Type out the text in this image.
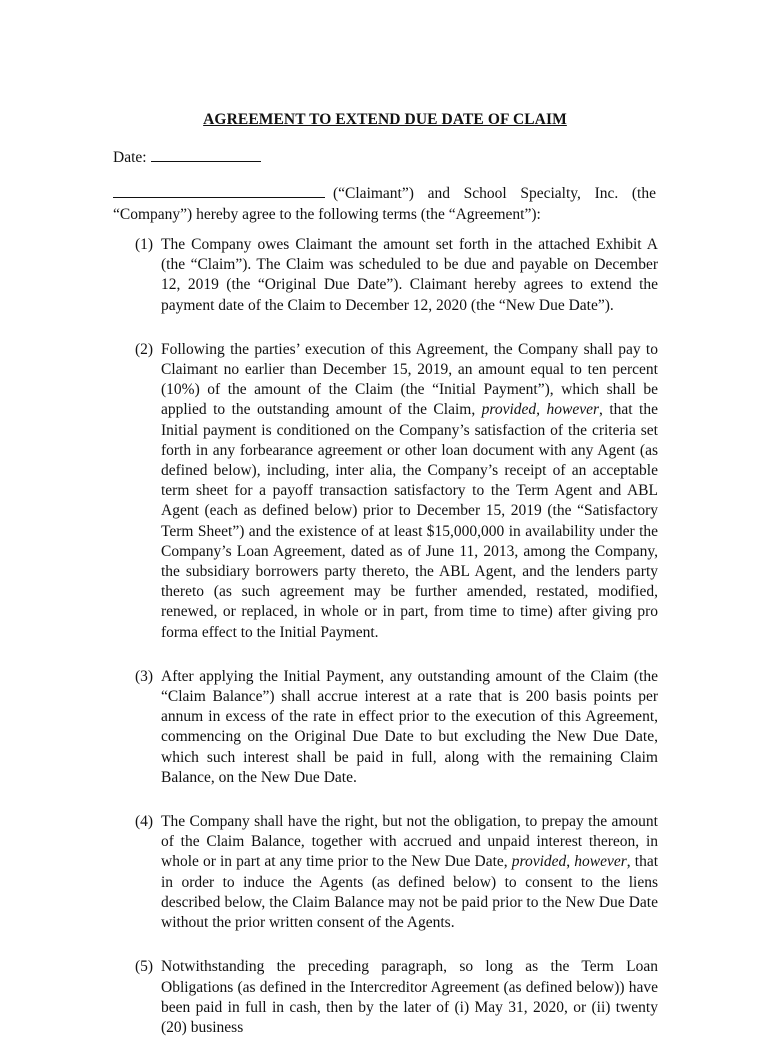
AGREEMENT TO EXTEND DUE DATE OF CLAIM
Date:

(“Claimant”) and School Specialty, Inc. (the “Company”) hereby agree to the following terms (the “Agreement”):

(1) The Company owes Claimant the amount set forth in the attached Exhibit A (the “Claim”). The Claim was scheduled to be due and payable on December 12, 2019 (the “Original Due Date”). Claimant hereby agrees to extend the payment date of the Claim to December 12, 2020 (the “New Due Date”).
(2) Following the parties’ execution of this Agreement, the Company shall pay to Claimant no earlier than December 15, 2019, an amount equal to ten percent (10%) of the amount of the Claim (the “Initial Payment”), which shall be applied to the outstanding amount of the Claim, provided, however, that the Initial payment is conditioned on the Company’s satisfaction of the criteria set forth in any forbearance agreement or other loan document with any Agent (as defined below), including, inter alia, the Company’s receipt of an acceptable term sheet for a payoff transaction satisfactory to the Term Agent and ABL Agent (each as defined below) prior to December 15, 2019 (the “Satisfactory Term Sheet”) and the existence of at least $15,000,000 in availability under the Company’s Loan Agreement, dated as of June 11, 2013, among the Company, the subsidiary borrowers party thereto, the ABL Agent, and the lenders party thereto (as such agreement may be further amended, restated, modified, renewed, or replaced, in whole or in part, from time to time) after giving pro forma effect to the Initial Payment.
(3) After applying the Initial Payment, any outstanding amount of the Claim (the “Claim Balance”) shall accrue interest at a rate that is 200 basis points per annum in excess of the rate in effect prior to the execution of this Agreement, commencing on the Original Due Date to but excluding the New Due Date, which such interest shall be paid in full, along with the remaining Claim Balance, on the New Due Date.
(4) The Company shall have the right, but not the obligation, to prepay the amount of the Claim Balance, together with accrued and unpaid interest thereon, in whole or in part at any time prior to the New Due Date, provided, however, that in order to induce the Agents (as defined below) to consent to the liens described below, the Claim Balance may not be paid prior to the New Due Date without the prior written consent of the Agents.
(5) Notwithstanding the preceding paragraph, so long as the Term Loan Obligations (as defined in the Intercreditor Agreement (as defined below)) have been paid in full in cash, then by the later of (i) May 31, 2020, or (ii) twenty (20) business
